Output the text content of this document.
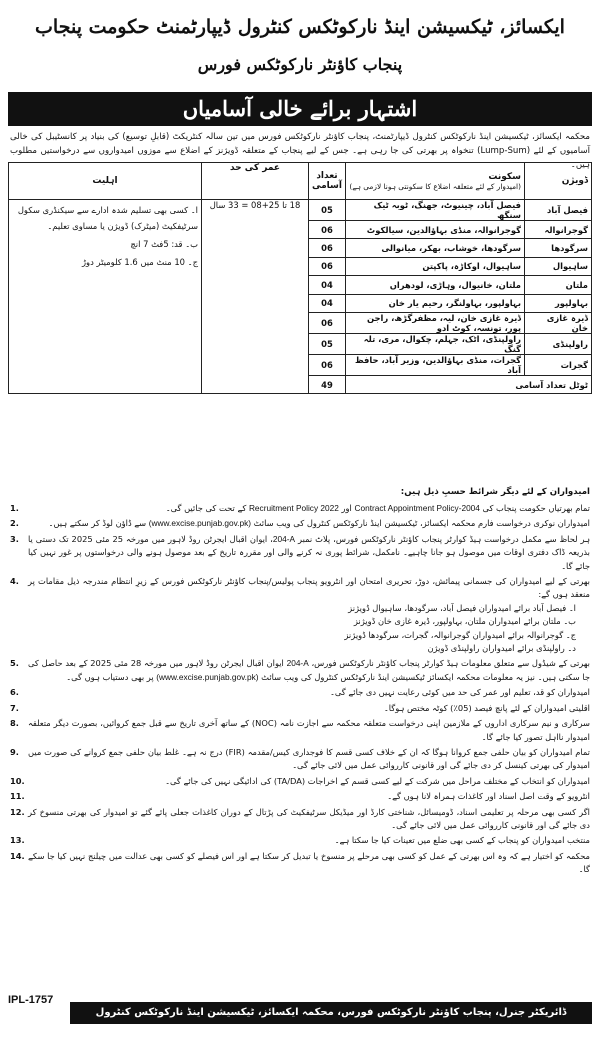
ایکسائز، ٹیکسیشن اینڈ نارکوٹکس کنٹرول ڈیپارٹمنٹ حکومت پنجاب
پنجاب کاؤنٹر نارکوٹکس فورس
اشتہار برائے خالی آسامیاں
محکمہ ایکسائز، ٹیکسیشن اینڈ نارکوٹکس کنٹرول ڈیپارٹمنٹ، پنجاب کاؤنٹر نارکوٹکس فورس میں تین سالہ کنٹریکٹ (قابلِ توسیع) کی بنیاد پر کانسٹیبل کی خالی آسامیوں کے لئے (Lump-Sum) تنخواہ پر بھرتی کی جا رہی ہے۔ جس کے لیے پنجاب کے متعلقہ ڈویژنز کے اضلاع سے موزوں امیدواروں سے درخواستیں مطلوب ہیں۔
ڈویژن	سکونت
(امیدوار کے لئے متعلقہ اضلاع کا سکونتی ہونا لازمی ہے)	تعداد آسامی	عمر کی حد	اہلیت
فیصل آباد	فیصل آباد، چینیوٹ، جھنگ، ٹوبہ ٹیک سنگھ	05	18 تا 25+08 = 33 سال	ا۔ کسی بھی تسلیم شدہ ادارے سے سیکنڈری سکول سرٹیفکیٹ (میٹرک) ڈویژن یا مساوی تعلیم۔
ب۔ قد: 5فٹ 7 انچ
ج۔ 10 منٹ میں 1.6 کلومیٹر دوڑ

گوجرانوالہ	گوجرانوالہ، منڈی بہاؤالدین، سیالکوٹ	06		
سرگودھا	سرگودھا، خوشاب، بھکر، میانوالی	06		
ساہیوال	ساہیوال، اوکاڑہ، پاکپتن	06		
ملتان	ملتان، خانیوال، وہاڑی، لودھراں	04		
بہاولپور	بہاولپور، بہاولنگر، رحیم یار خان	04		
ڈیرہ غازی خان	ڈیرہ غازی خان، لیہ، مظفرگڑھ، راجن پور، تونسہ، کوٹ ادو	06		
راولپنڈی	راولپنڈی، اٹک، جہلم، چکوال، مری، تلہ گنگ	05		
گجرات	گجرات، منڈی بہاؤالدین، وزیر آباد، حافظ آباد	06		
ٹوٹل تعداد آسامی		49		
امیدواران کے لئے دیگر شرائط حسبِ ذیل ہیں:
1.	تمام بھرتیاں حکومت پنجاب کی Contract Appointment Policy-2004 اور Recruitment Policy 2022 کے تحت کی جائیں گی۔
2.	امیدواران نوکری درخواست فارم محکمہ ایکسائز، ٹیکسیشن اینڈ نارکوٹکس کنٹرول کی ویب سائٹ (www.excise.punjab.gov.pk) سے ڈاؤن لوڈ کر سکتے ہیں۔
3.	ہر لحاظ سے مکمل درخواست ہیڈ کوارٹر پنجاب کاؤنٹر نارکوٹکس فورس، پلاٹ نمبر 204-A، ایوان اقبال ایجرٹن روڈ لاہور میں مورخہ 25 مئی 2025 تک دستی یا بذریعہ ڈاک دفتری اوقات میں موصول ہو جانا چاہیے۔ نامکمل، شرائط پوری نہ کرنے والی اور مقررہ تاریخ کے بعد موصول ہونے والی درخواستوں پر غور نہیں کیا جائے گا۔
4.	بھرتی کے لیے امیدواران کی جسمانی پیمائش، دوڑ، تحریری امتحان اور انٹرویو پنجاب پولیس/پنجاب کاؤنٹر نارکوٹکس فورس کے زیرِ انتظام مندرجہ ذیل مقامات پر منعقد ہوں گے:
ا۔ فیصل آباد برائے امیدواران فیصل آباد، سرگودھا، ساہیوال ڈویژنز
ب۔ ملتان برائے امیدواران ملتان، بہاولپور، ڈیرہ غازی خان ڈویژنز
ج۔ گوجرانوالہ برائے امیدواران گوجرانوالہ، گجرات، سرگودھا ڈویژنز
د۔ راولپنڈی برائے امیدواران راولپنڈی ڈویژن
5.	بھرتی کے شیڈول سے متعلق معلومات ہیڈ کوارٹر پنجاب کاؤنٹر نارکوٹکس فورس، 204-A ایوان اقبال ایجرٹن روڈ لاہور میں مورخہ 28 مئی 2025 کے بعد حاصل کی جا سکتی ہیں۔ نیز یہ معلومات محکمہ ایکسائز ٹیکسیشن اینڈ نارکوٹکس کنٹرول کی ویب سائٹ (www.excise.punjab.gov.pk) پر بھی دستیاب ہوں گی۔
6.	امیدواران کو قد، تعلیم اور عمر کی حد میں کوئی رعایت نہیں دی جائے گی۔
7.	اقلیتی امیدواران کے لئے پانچ فیصد (05٪) کوٹہ مختص ہوگا۔
8.	سرکاری و نیم سرکاری اداروں کے ملازمین اپنی درخواست متعلقہ محکمہ سے اجازت نامہ (NOC) کے ساتھ آخری تاریخ سے قبل جمع کروائیں، بصورت دیگر متعلقہ امیدوار نااہل تصور کیا جائے گا۔
9.	تمام امیدواران کو بیان حلفی جمع کروانا ہوگا کہ ان کے خلاف کسی قسم کا فوجداری کیس/مقدمہ (FIR) درج نہ ہے۔ غلط بیان حلفی جمع کروانے کی صورت میں امیدوار کی بھرتی کینسل کر دی جائے گی اور قانونی کارروائی عمل میں لائی جائے گی۔
10.	امیدواران کو انتخاب کے مختلف مراحل میں شرکت کے لیے کسی قسم کے اخراجات (TA/DA) کی ادائیگی نہیں کی جائے گی۔
11.	انٹرویو کے وقت اصل اسناد اور کاغذات ہمراہ لانا ہوں گے۔
12. اگر کسی بھی مرحلہ پر تعلیمی اسناد، ڈومیسائل، شناختی کارڈ اور میڈیکل سرٹیفکیٹ کی پڑتال کے دوران کاغذات جعلی پائے گئے تو امیدوار کی بھرتی منسوخ کر دی جائے گی اور قانونی کارروائی عمل میں لائی جائے گی۔
13.	منتخب امیدواران کو پنجاب کے کسی بھی ضلع میں تعینات کیا جا سکتا ہے۔
14. محکمہ کو اختیار ہے کہ وہ اس بھرتی کے عمل کو کسی بھی مرحلے پر منسوخ یا تبدیل کر سکتا ہے اور اس فیصلے کو کسی بھی عدالت میں چیلنج نہیں کیا جا سکے گا۔
IPL-1757
ڈائریکٹر جنرل، پنجاب کاؤنٹر نارکوٹکس فورس، محکمہ ایکسائز، ٹیکسیشن اینڈ نارکوٹکس کنٹرول ڈیپارٹمنٹ، حکومت پنجاب
